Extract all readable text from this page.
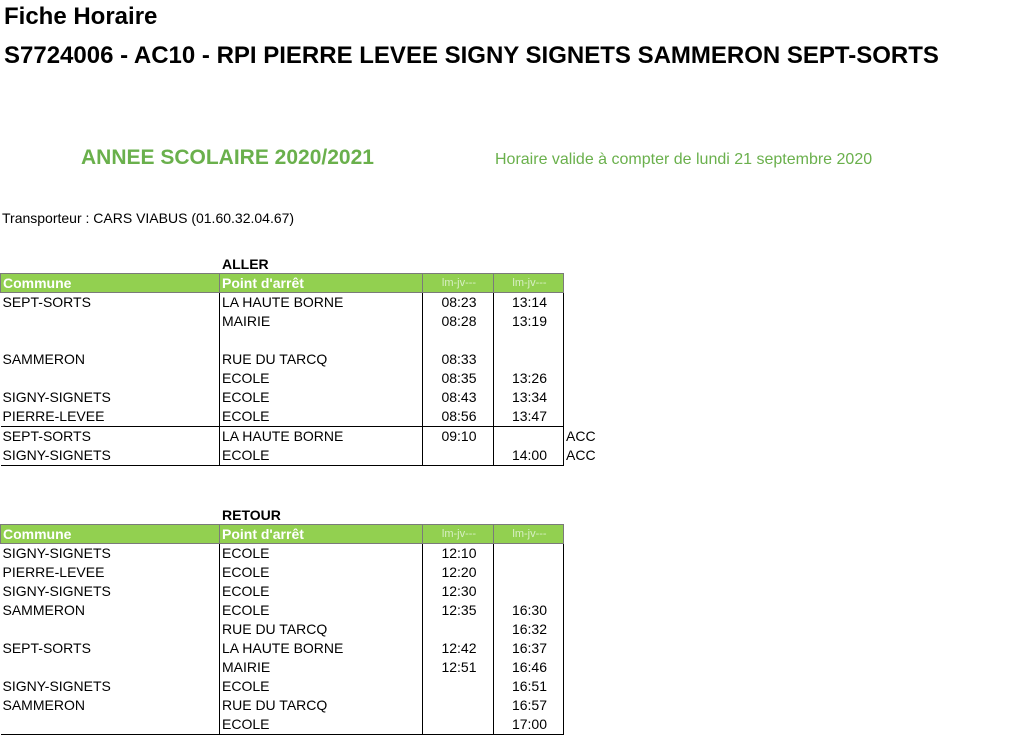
Fiche Horaire
S7724006 - AC10 - RPI PIERRE LEVEE SIGNY SIGNETS SAMMERON SEPT-SORTS
ANNEE SCOLAIRE 2020/2021	Horaire valide à compter de lundi 21 septembre 2020
Transporteur : CARS VIABUS (01.60.32.04.67)
ALLER
Commune	Point d'arrêt	lm-jv---	lm-jv---	
SEPT-SORTS	LA HAUTE BORNE	08:23	13:14	
	MAIRIE	08:28	13:19	

SAMMERON	RUE DU TARCQ	08:33		
	ECOLE	08:35	13:26	
SIGNY-SIGNETS	ECOLE	08:43	13:34	
PIERRE-LEVEE	ECOLE	08:56	13:47	
SEPT-SORTS	LA HAUTE BORNE	09:10		ACC
SIGNY-SIGNETS	ECOLE		14:00	ACC
RETOUR
Commune	Point d'arrêt	lm-jv---	lm-jv---	
SIGNY-SIGNETS	ECOLE	12:10		
PIERRE-LEVEE	ECOLE	12:20		
SIGNY-SIGNETS	ECOLE	12:30		
SAMMERON	ECOLE	12:35	16:30	
	RUE DU TARCQ		16:32	
SEPT-SORTS	LA HAUTE BORNE	12:42	16:37	
	MAIRIE	12:51	16:46	
SIGNY-SIGNETS	ECOLE		16:51	
SAMMERON	RUE DU TARCQ		16:57	
	ECOLE		17:00	
